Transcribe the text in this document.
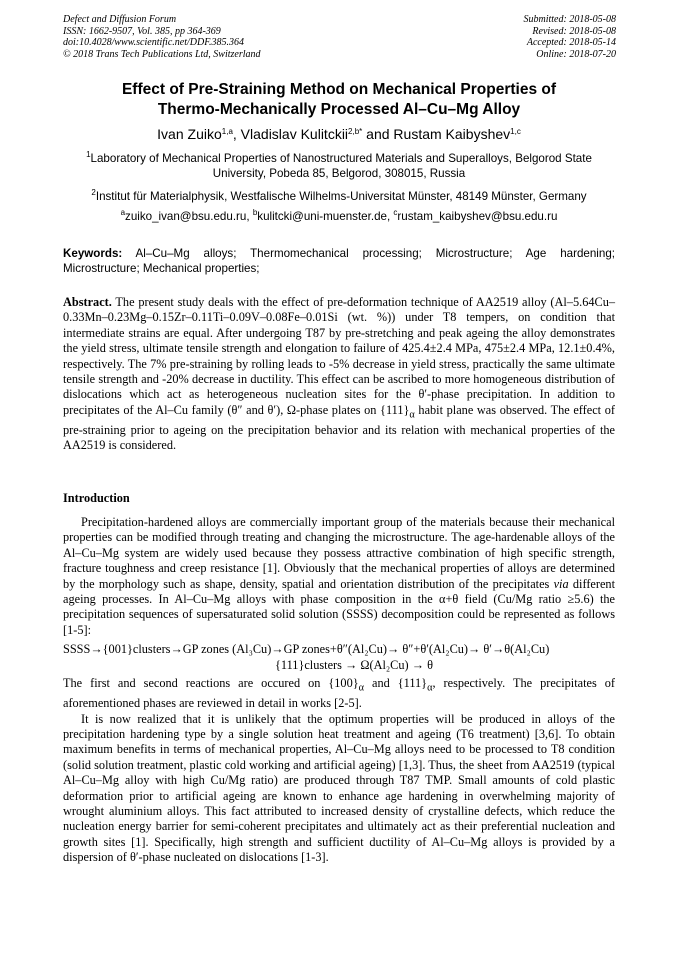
Defect and Diffusion Forum
ISSN: 1662-9507, Vol. 385, pp 364-369
doi:10.4028/www.scientific.net/DDF.385.364
© 2018 Trans Tech Publications Ltd, Switzerland
Submitted: 2018-05-08
Revised: 2018-05-08
Accepted: 2018-05-14
Online: 2018-07-20
Effect of Pre-Straining Method on Mechanical Properties of
Thermo-Mechanically Processed Al–Cu–Mg Alloy
Ivan Zuiko$^{1,a}$, Vladislav Kulitckii$^{2,b*}$ and Rustam Kaibyshev$^{1,c}$
$^1$Laboratory of Mechanical Properties of Nanostructured Materials and Superalloys, Belgorod State
University, Pobeda 85, Belgorod, 308015, Russia
$^2$Institut für Materialphysik, Westfalische Wilhelms-Universitat Münster, 48149 Münster, Germany
$^a$zuiko_ivan@bsu.edu.ru, $^b$kulitcki@uni-muenster.de, $^c$rustam_kaibyshev@bsu.edu.ru
Keywords: Al–Cu–Mg alloys; Thermomechanical processing; Microstructure; Age hardening; Microstructure; Mechanical properties;
Abstract. The present study deals with the effect of pre-deformation technique of AA2519 alloy (Al–5.64Cu–0.33Mn–0.23Mg–0.15Zr–0.11Ti–0.09V–0.08Fe–0.01Si (wt. %)) under T8 tempers, on condition that intermediate strains are equal. After undergoing T87 by pre-stretching and peak ageing the alloy demonstrates the yield stress, ultimate tensile strength and elongation to failure of 425.4±2.4 MPa, 475±2.4 MPa, 12.1±0.4%, respectively. The 7% pre-straining by rolling leads to -5% decrease in yield stress, practically the same ultimate tensile strength and -20% decrease in ductility. This effect can be ascribed to more homogeneous distribution of dislocations which act as heterogeneous nucleation sites for the θ′-phase precipitation. In addition to precipitates of the Al–Cu family (θ″ and θ′), Ω-phase plates on $\{111\}_\alpha$ habit plane was observed. The effect of pre-straining prior to ageing on the precipitation behavior and its relation with mechanical properties of the AA2519 is considered.
Introduction

Precipitation-hardened alloys are commercially important group of the materials because their mechanical properties can be modified through treating and changing the microstructure. The age-hardenable alloys of the Al–Cu–Mg system are widely used because they possess attractive combination of high specific strength, fracture toughness and creep resistance [1]. Obviously that the mechanical properties of alloys are determined by the morphology such as shape, density, spatial and orientation distribution of the precipitates via different ageing processes. In Al–Cu–Mg alloys with phase composition in the α+θ field (Cu/Mg ratio ≥5.6) the precipitation sequences of supersaturated solid solution (SSSS) decomposition could be represented as follows [1-5]:

SSSS→{001}clusters→GP zones (Al₃Cu)→GP zones+θ″(Al₂Cu)→ θ″+θ′(Al₂Cu)→ θ′→θ(Al₂Cu)
{111}clusters → Ω(Al₂Cu) → θ

The first and second reactions are occured on $\{100\}_\alpha$ and $\{111\}_\alpha$, respectively. The precipitates of aforementioned phases are reviewed in detail in works [2-5].

It is now realized that it is unlikely that the optimum properties will be produced in alloys of the precipitation hardening type by a single solution heat treatment and ageing (T6 treatment) [3,6]. To obtain maximum benefits in terms of mechanical properties, Al–Cu–Mg alloys need to be processed to T8 condition (solid solution treatment, plastic cold working and artificial ageing) [1,3]. Thus, the sheet from AA2519 (typical Al–Cu–Mg alloy with high Cu/Mg ratio) are produced through T87 TMP. Small amounts of cold plastic deformation prior to artificial ageing are known to enhance age hardening in overwhelming majority of wrought aluminium alloys. This fact attributed to increased density of crystalline defects, which reduce the nucleation energy barrier for semi-coherent precipitates and ultimately act as their preferential nucleation and growth sites [1]. Specifically, high strength and sufficient ductility of Al–Cu–Mg alloys is provided by a dispersion of θ′-phase nucleated on dislocations [1-3].
